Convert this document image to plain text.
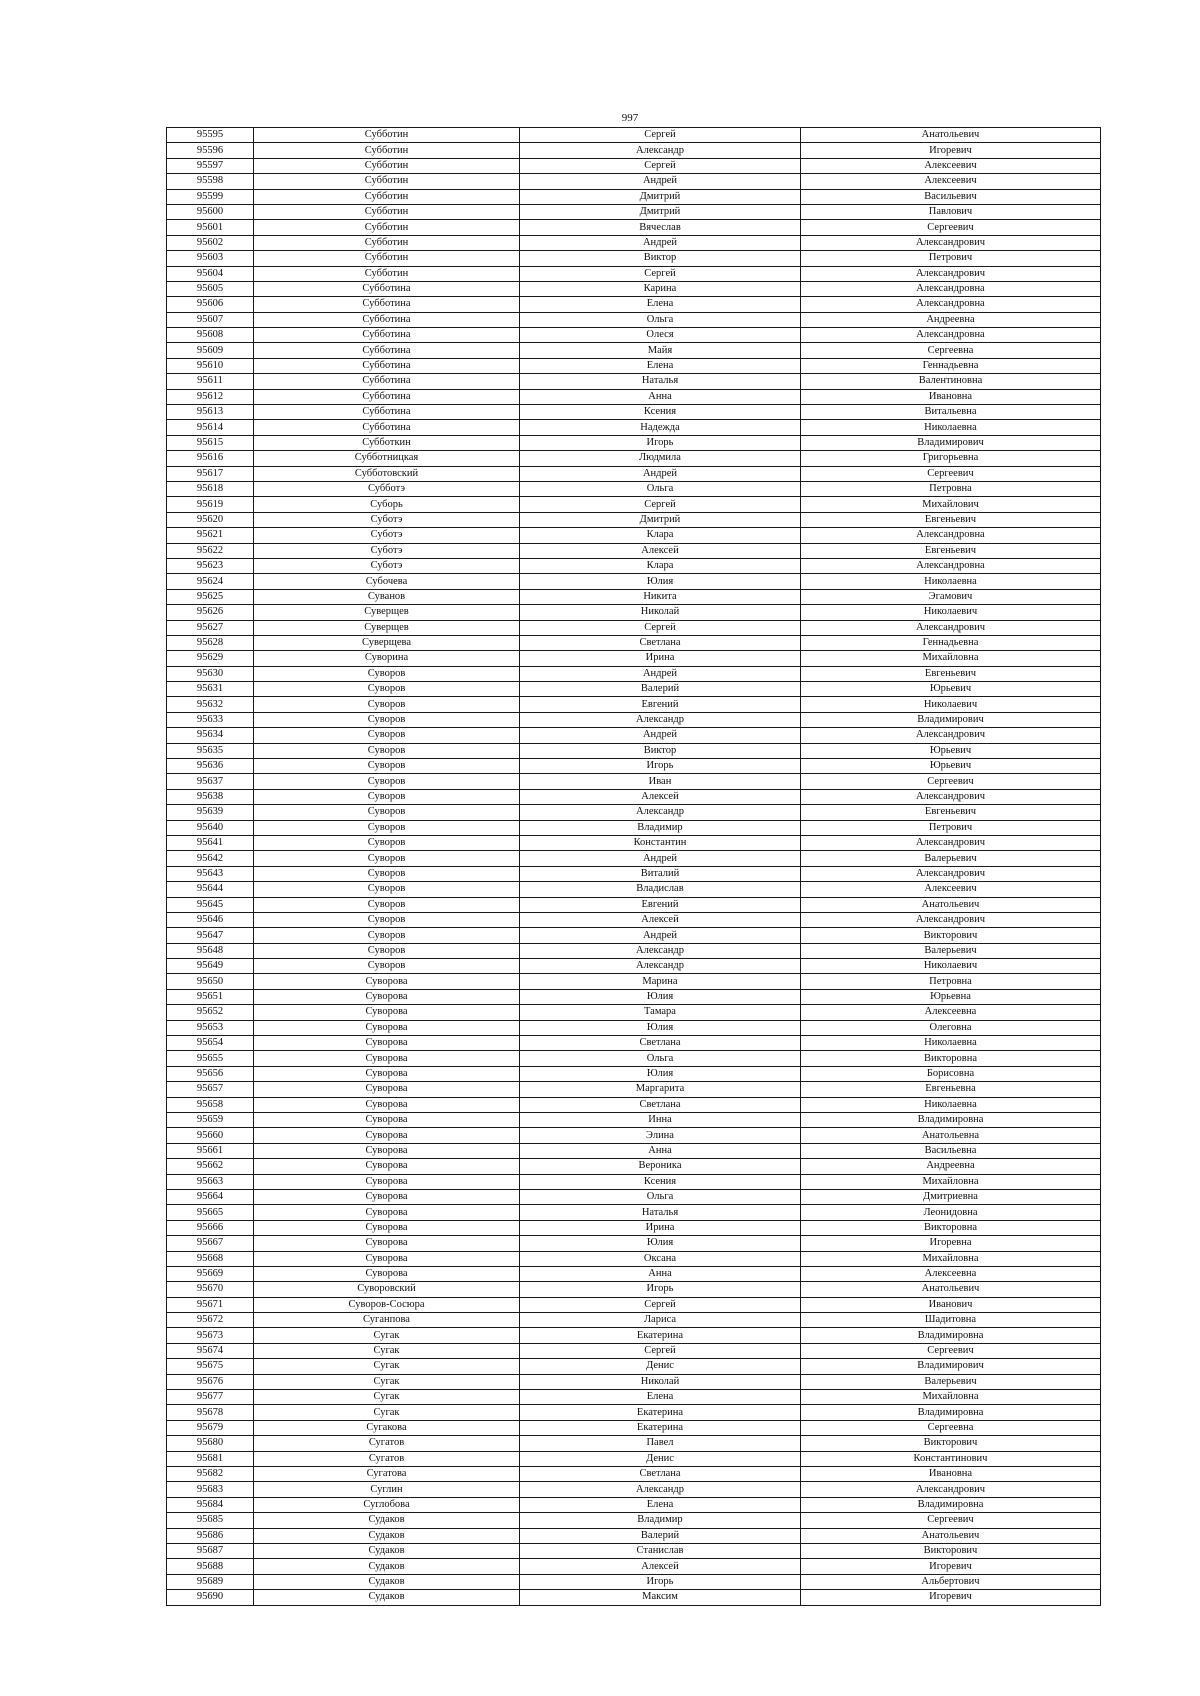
997
95595	Субботин	Сергей	Анатольевич
95596	Субботин	Александр	Игоревич
95597	Субботин	Сергей	Алексеевич
95598	Субботин	Андрей	Алексеевич
95599	Субботин	Дмитрий	Васильевич
95600	Субботин	Дмитрий	Павлович
95601	Субботин	Вячеслав	Сергеевич
95602	Субботин	Андрей	Александрович
95603	Субботин	Виктор	Петрович
95604	Субботин	Сергей	Александрович
95605	Субботина	Карина	Александровна
95606	Субботина	Елена	Александровна
95607	Субботина	Ольга	Андреевна
95608	Субботина	Олеся	Александровна
95609	Субботина	Майя	Сергеевна
95610	Субботина	Елена	Геннадьевна
95611	Субботина	Наталья	Валентиновна
95612	Субботина	Анна	Ивановна
95613	Субботина	Ксения	Витальевна
95614	Субботина	Надежда	Николаевна
95615	Субботкин	Игорь	Владимирович
95616	Субботницкая	Людмила	Григорьевна
95617	Субботовский	Андрей	Сергеевич
95618	Субботэ	Ольга	Петровна
95619	Суборь	Сергей	Михайлович
95620	Суботэ	Дмитрий	Евгеньевич
95621	Суботэ	Клара	Александровна
95622	Суботэ	Алексей	Евгеньевич
95623	Суботэ	Клара	Александровна
95624	Субочева	Юлия	Николаевна
95625	Суванов	Никита	Эгамович
95626	Суверщев	Николай	Николаевич
95627	Суверщев	Сергей	Александрович
95628	Суверщева	Светлана	Геннадьевна
95629	Суворина	Ирина	Михайловна
95630	Суворов	Андрей	Евгеньевич
95631	Суворов	Валерий	Юрьевич
95632	Суворов	Евгений	Николаевич
95633	Суворов	Александр	Владимирович
95634	Суворов	Андрей	Александрович
95635	Суворов	Виктор	Юрьевич
95636	Суворов	Игорь	Юрьевич
95637	Суворов	Иван	Сергеевич
95638	Суворов	Алексей	Александрович
95639	Суворов	Александр	Евгеньевич
95640	Суворов	Владимир	Петрович
95641	Суворов	Константин	Александрович
95642	Суворов	Андрей	Валерьевич
95643	Суворов	Виталий	Александрович
95644	Суворов	Владислав	Алексеевич
95645	Суворов	Евгений	Анатольевич
95646	Суворов	Алексей	Александрович
95647	Суворов	Андрей	Викторович
95648	Суворов	Александр	Валерьевич
95649	Суворов	Александр	Николаевич
95650	Суворова	Марина	Петровна
95651	Суворова	Юлия	Юрьевна
95652	Суворова	Тамара	Алексеевна
95653	Суворова	Юлия	Олеговна
95654	Суворова	Светлана	Николаевна
95655	Суворова	Ольга	Викторовна
95656	Суворова	Юлия	Борисовна
95657	Суворова	Маргарита	Евгеньевна
95658	Суворова	Светлана	Николаевна
95659	Суворова	Инна	Владимировна
95660	Суворова	Элина	Анатольевна
95661	Суворова	Анна	Васильевна
95662	Суворова	Вероника	Андреевна
95663	Суворова	Ксения	Михайловна
95664	Суворова	Ольга	Дмитриевна
95665	Суворова	Наталья	Леонидовна
95666	Суворова	Ирина	Викторовна
95667	Суворова	Юлия	Игоревна
95668	Суворова	Оксана	Михайловна
95669	Суворова	Анна	Алексеевна
95670	Суворовский	Игорь	Анатольевич
95671	Суворов-Сосюра	Сергей	Иванович
95672	Суганпова	Лариса	Шадитовна
95673	Сугак	Екатерина	Владимировна
95674	Сугак	Сергей	Сергеевич
95675	Сугак	Денис	Владимирович
95676	Сугак	Николай	Валерьевич
95677	Сугак	Елена	Михайловна
95678	Сугак	Екатерина	Владимировна
95679	Сугакова	Екатерина	Сергеевна
95680	Сугатов	Павел	Викторович
95681	Сугатов	Денис	Константинович
95682	Сугатова	Светлана	Ивановна
95683	Суглин	Александр	Александрович
95684	Суглобова	Елена	Владимировна
95685	Судаков	Владимир	Сергеевич
95686	Судаков	Валерий	Анатольевич
95687	Судаков	Станислав	Викторович
95688	Судаков	Алексей	Игоревич
95689	Судаков	Игорь	Альбертович
95690	Судаков	Максим	Игоревич
